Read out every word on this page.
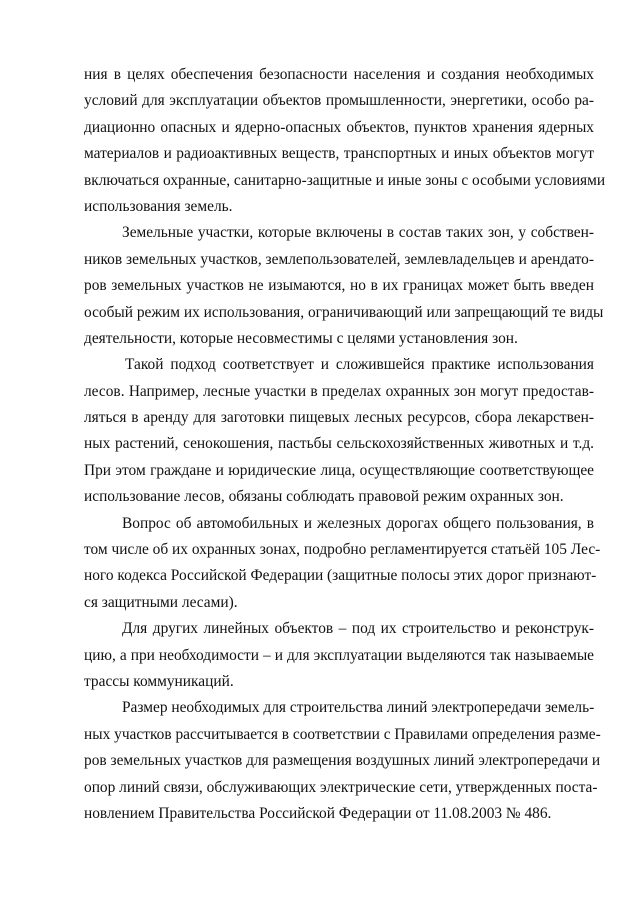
ния в целях обеспечения безопасности населения и создания необходимых
условий для эксплуатации объектов промышленности, энергетики, особо ра-
диационно опасных и ядерно-опасных объектов, пунктов хранения ядерных
материалов и радиоактивных веществ, транспортных и иных объектов могут
включаться охранные, санитарно-защитные и иные зоны с особыми условиями
использования земель.
Земельные участки, которые включены в состав таких зон, у собствен-
ников земельных участков, землепользователей, землевладельцев и арендато-
ров земельных участков не изымаются, но в их границах может быть введен
особый режим их использования, ограничивающий или запрещающий те виды
деятельности, которые несовместимы с целями установления зон.
Такой подход соответствует и сложившейся практике использования
лесов. Например, лесные участки в пределах охранных зон могут предостав-
ляться в аренду для заготовки пищевых лесных ресурсов, сбора лекарствен-
ных растений, сенокошения, пастьбы сельскохозяйственных животных и т.д.
При этом граждане и юридические лица, осуществляющие соответствующее
использование лесов, обязаны соблюдать правовой режим охранных зон.
Вопрос об автомобильных и железных дорогах общего пользования, в
том числе об их охранных зонах, подробно регламентируется статьёй 105 Лес-
ного кодекса Российской Федерации (защитные полосы этих дорог признают-
ся защитными лесами).
Для других линейных объектов – под их строительство и реконструк-
цию, а при необходимости – и для эксплуатации выделяются так называемые
трассы коммуникаций.
Размер необходимых для строительства линий электропередачи земель-
ных участков рассчитывается в соответствии с Правилами определения разме-
ров земельных участков для размещения воздушных линий электропередачи и
опор линий связи, обслуживающих электрические сети, утвержденных поста-
новлением Правительства Российской Федерации от 11.08.2003 № 486.
